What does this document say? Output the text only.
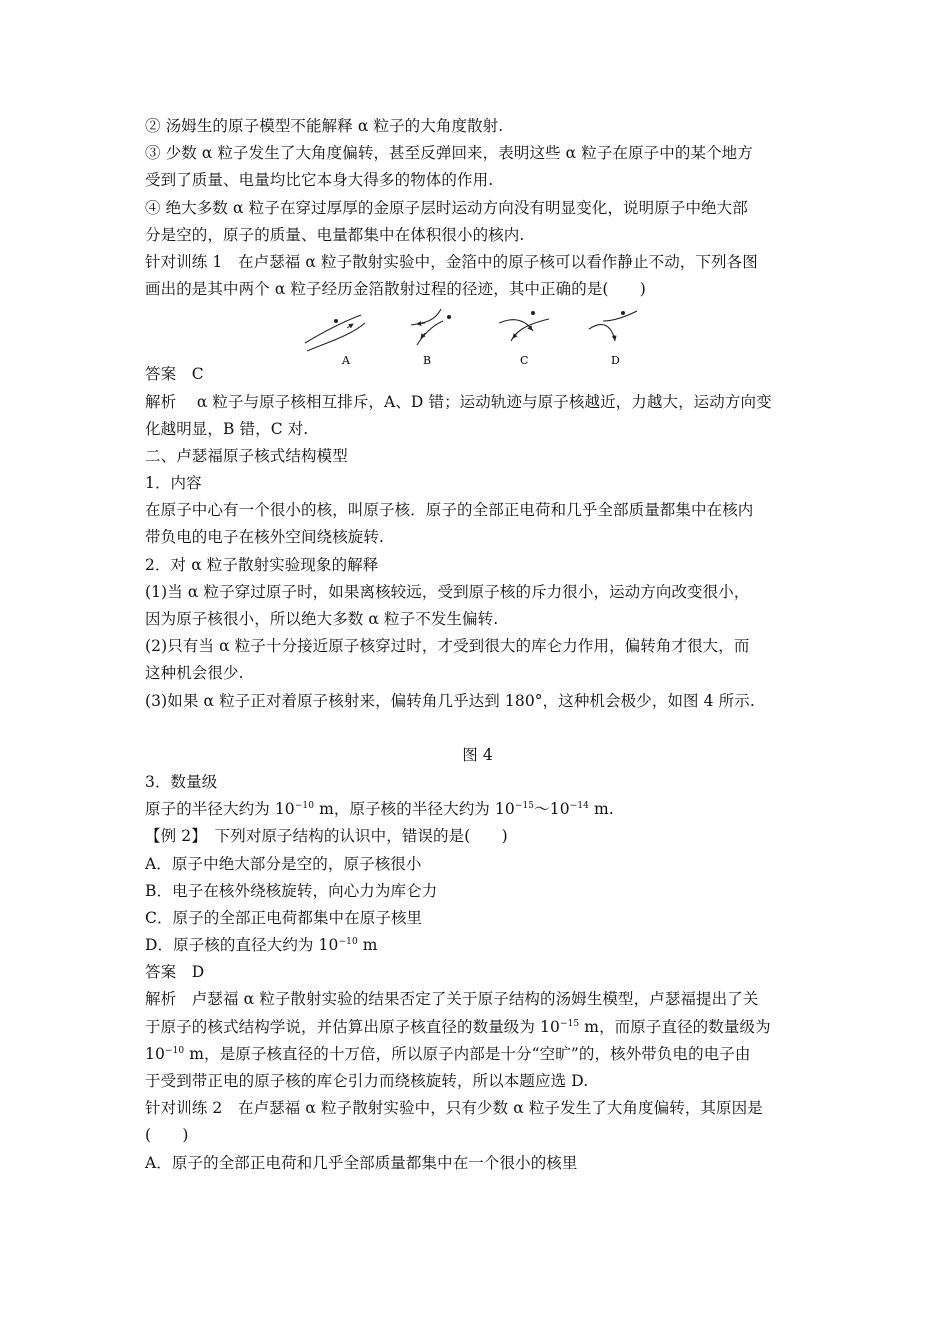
② 汤姆生的原子模型不能解释 α 粒子的大角度散射.
③ 少数 α 粒子发生了大角度偏转，甚至反弹回来，表明这些 α 粒子在原子中的某个地方
受到了质量、电量均比它本身大得多的物体的作用.
④ 绝大多数 α 粒子在穿过厚厚的金原子层时运动方向没有明显变化，说明原子中绝大部
分是空的，原子的质量、电量都集中在体积很小的核内.
针对训练 1　在卢瑟福 α 粒子散射实验中，金箔中的原子核可以看作静止不动，下列各图
画出的是其中两个 α 粒子经历金箔散射过程的径迹，其中正确的是(　　)
A	B	C	D
答案　C
解析　 α 粒子与原子核相互排斥，A、D 错；运动轨迹与原子核越近，力越大，运动方向变
化越明显，B 错，C 对.
二、卢瑟福原子核式结构模型
1．内容
在原子中心有一个很小的核，叫原子核．原子的全部正电荷和几乎全部质量都集中在核内
带负电的电子在核外空间绕核旋转.
2．对 α 粒子散射实验现象的解释
(1)当 α 粒子穿过原子时，如果离核较远，受到原子核的斥力很小，运动方向改变很小，
因为原子核很小，所以绝大多数 α 粒子不发生偏转.
(2)只有当 α 粒子十分接近原子核穿过时，才受到很大的库仑力作用，偏转角才很大，而
这种机会很少.
(3)如果 α 粒子正对着原子核射来，偏转角几乎达到 180°，这种机会极少，如图 4 所示.
图 4
3．数量级
原子的半径大约为 $10^{-10}$ m，原子核的半径大约为 $10^{-15}\sim 10^{-14}$ m.
【例 2】　下列对原子结构的认识中，错误的是(　　)
A．原子中绝大部分是空的，原子核很小
B．电子在核外绕核旋转，向心力为库仑力
C．原子的全部正电荷都集中在原子核里
D．原子核的直径大约为 $10^{-10}$ m
答案　D
解析　卢瑟福 α 粒子散射实验的结果否定了关于原子结构的汤姆生模型，卢瑟福提出了关
于原子的核式结构学说，并估算出原子核直径的数量级为 $10^{-15}$ m，而原子直径的数量级为
$10^{-10}$ m，是原子核直径的十万倍，所以原子内部是十分“空旷”的，核外带负电的电子由
于受到带正电的原子核的库仑引力而绕核旋转，所以本题应选 D.
针对训练 2　在卢瑟福 α 粒子散射实验中，只有少数 α 粒子发生了大角度偏转，其原因是
(　　)
A．原子的全部正电荷和几乎全部质量都集中在一个很小的核里
